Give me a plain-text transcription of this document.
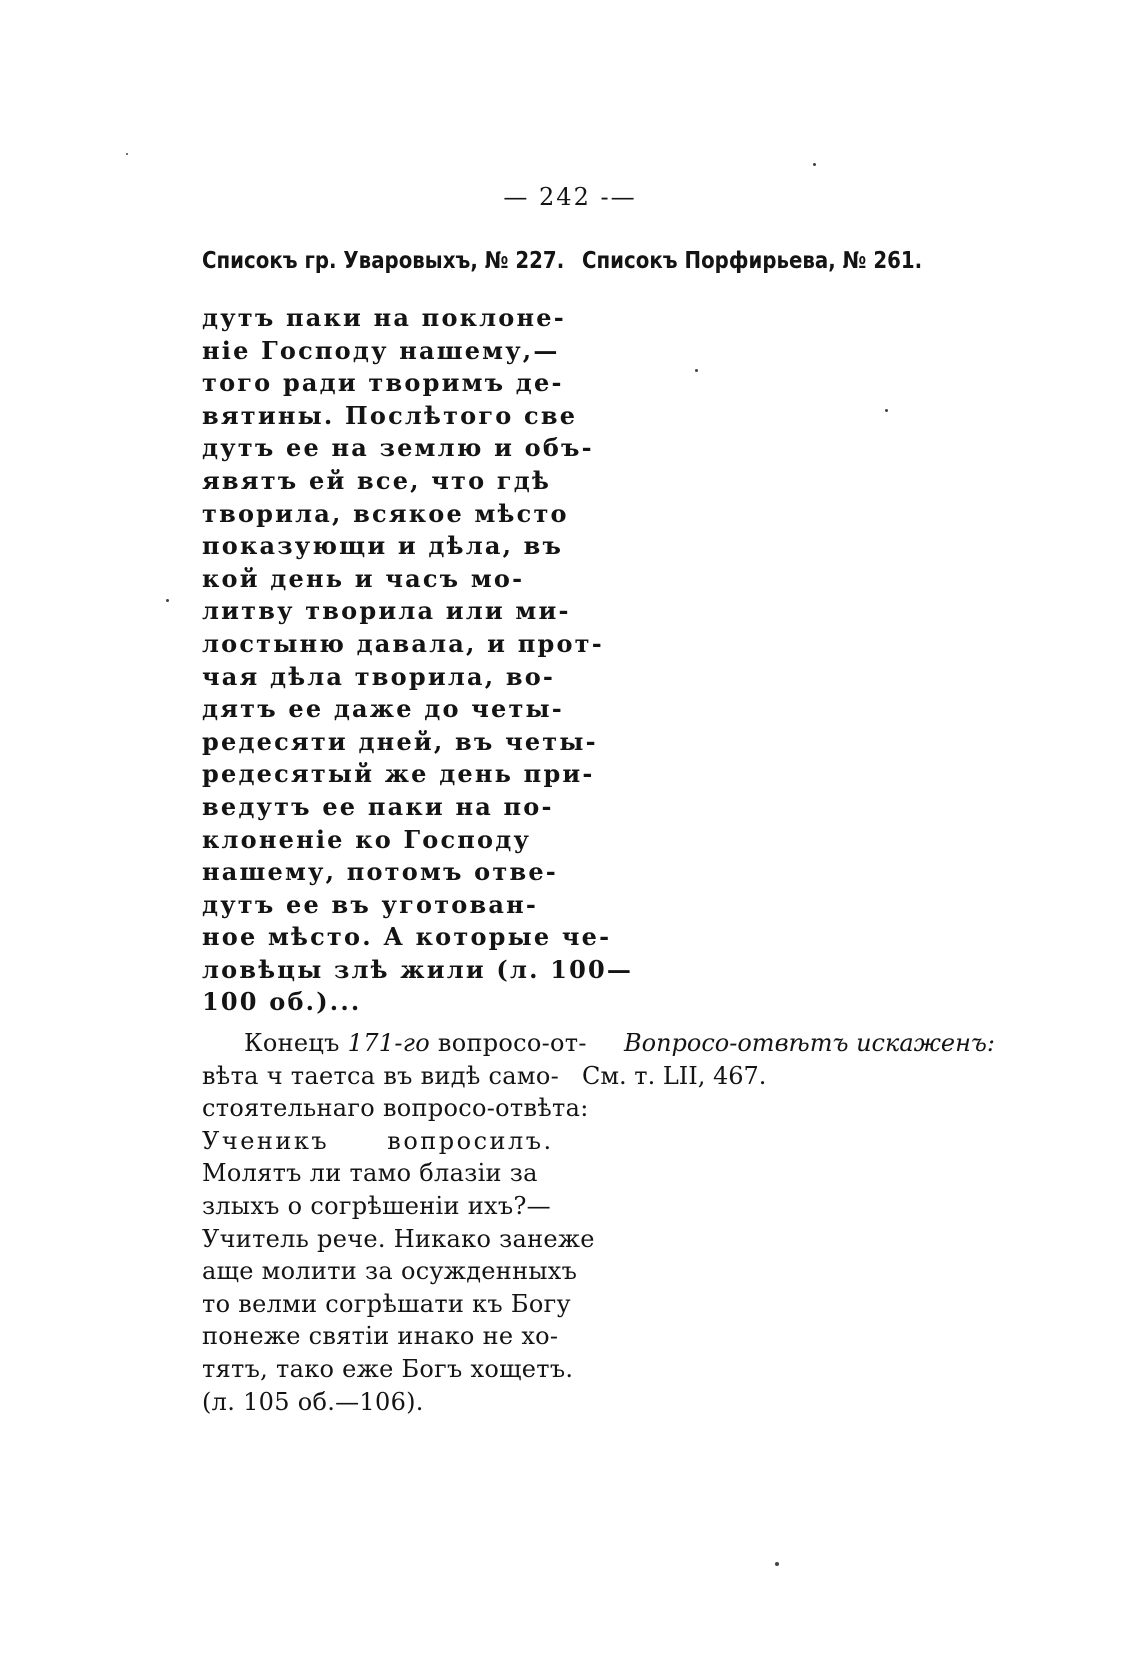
— 242 -—
Списокъ гр. Уваровыхъ, № 227. Списокъ Порфирьева, № 261.
дутъ паки на поклоне-
нie Господу нашему,—
того ради творимъ де-
вятины. Послѣтого све
дутъ ее на землю и объ-
явятъ ей все, что гдѣ
творила, всякое мѣсто
показующи и дѣла, въ
кой день и часъ мо-
литву творила или ми-
лостыню давала, и прот-
чая дѣла творила, во-
дятъ ее даже до четы-
редесяти дней, въ четы-
редесятый же день при-
ведутъ ее паки на по-
клоненie ко Господу
нашему, потомъ отве-
дутъ ее въ уготован-
ное мѣсто. А которые че-
ловѣцы злѣ жили (л. 100—
100 об.)...
Конецъ 171-го вопросо-от-
вѣта ч таетса въ видѣ само-
стоятельнаго вопросо-отвѣта:
Ученикъ вопросилъ.
Молятъ ли тамо блазiи за
злыхъ о согрѣшенiи ихъ?—
Учитель рече. Никако занеже
аще молити за осужденныхъ
то велми согрѣшати къ Богу
понеже святiи инако не хо-
тятъ, тако еже Богъ хощетъ.
(л. 105 об.—106).
Вопросо-отвѣтъ искаженъ:
См. т. LII, 467.
